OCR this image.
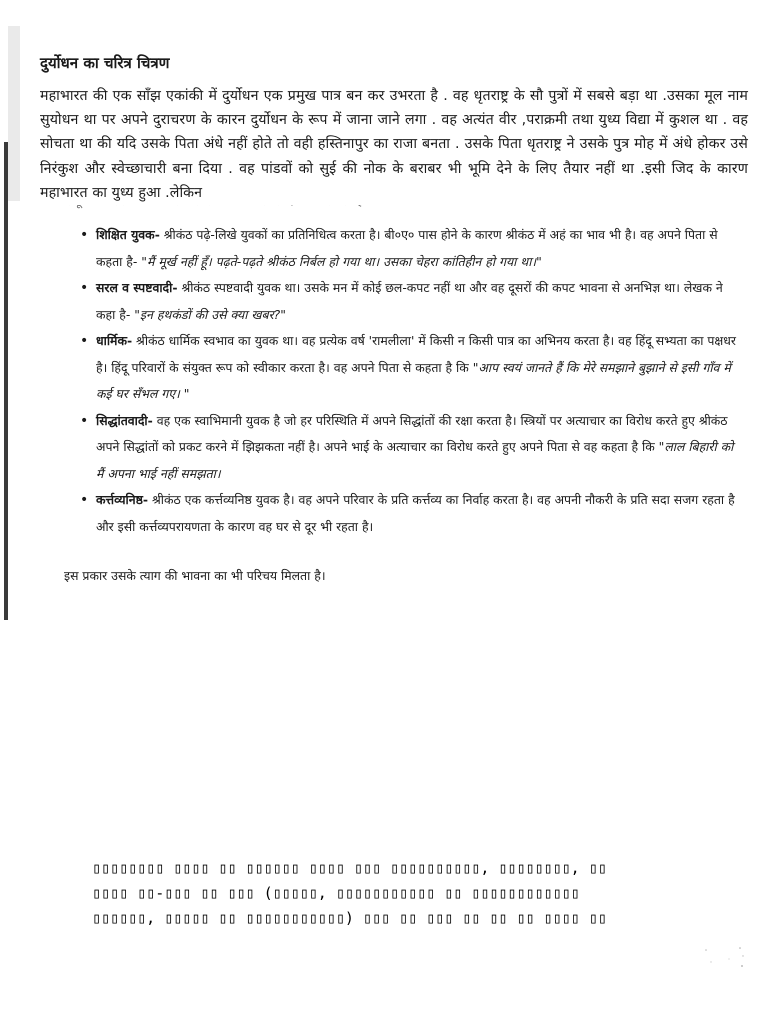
दुर्योधन का चरित्र चित्रण

महाभारत की एक साँझ एकांकी में दुर्योधन एक प्रमुख पात्र बन कर उभरता है . वह धृतराष्ट्र के सौ पुत्रों में सबसे बड़ा था .उसका मूल नाम सुयोधन था पर अपने दुराचरण के कारन दुर्योधन के रूप में जाना जाने लगा . वह अत्यंत वीर ,पराक्रमी तथा युध्य विद्या में कुशल था . वह सोचता था की यदि उसके पिता अंधे नहीं होते तो वही हस्तिनापुर का राजा बनता . उसके पिता धृतराष्ट्र ने उसके पुत्र मोह में अंधे होकर उसे निरंकुश और स्वेच्छाचारी बना दिया . वह पांडवों को सुई की नोक के बराबर भी भूमि देने के लिए तैयार नहीं था .इसी जिद के कारण महाभारत का युध्य हुआ .लेकिन

• शिक्षित युवक- श्रीकंठ पढ़े-लिखे युवकों का प्रतिनिधित्व करता है। बी०ए० पास होने के कारण श्रीकंठ में अहं का भाव भी है। वह अपने पिता से कहता है- "मैं मूर्ख नहीं हूँ। पढ़ते-पढ़ते श्रीकंठ निर्बल हो गया था। उसका चेहरा कांतिहीन हो गया था।"
• सरल व स्पष्टवादी- श्रीकंठ स्पष्टवादी युवक था। उसके मन में कोई छल-कपट नहीं था और वह दूसरों की कपट भावना से अनभिज्ञ था। लेखक ने कहा है- "इन हथकंडों की उसे क्या खबर?"
• धार्मिक- श्रीकंठ धार्मिक स्वभाव का युवक था। वह प्रत्येक वर्ष 'रामलीला' में किसी न किसी पात्र का अभिनय करता है। वह हिंदू सभ्यता का पक्षधर है। हिंदू परिवारों के संयुक्त रूप को स्वीकार करता है। वह अपने पिता से कहता है कि "आप स्वयं जानते हैं कि मेरे समझाने बुझाने से इसी गाँव में कई घर सँभल गए। "
• सिद्धांतवादी- वह एक स्वाभिमानी युवक है जो हर परिस्थिति में अपने सिद्धांतों की रक्षा करता है। स्त्रियों पर अत्याचार का विरोध करते हुए श्रीकंठ अपने सिद्धांतों को प्रकट करने में झिझकता नहीं है। अपने भाई के अत्याचार का विरोध करते हुए अपने पिता से वह कहता है कि "लाल बिहारी को मैं अपना भाई नहीं समझता।
• कर्त्तव्यनिष्ठ- श्रीकंठ एक कर्त्तव्यनिष्ठ युवक है। वह अपने परिवार के प्रति कर्त्तव्य का निर्वाह करता है। वह अपनी नौकरी के प्रति सदा सजग रहता है और इसी कर्त्तव्यपरायणता के कारण वह घर से दूर भी रहता है।

इस प्रकार उसके त्याग की भावना का भी परिचय मिलता है।

▯▯▯▯▯▯▯▯ ▯▯▯▯ ▯▯ ▯▯▯▯▯▯ ▯▯▯▯ ▯▯▯ ▯▯▯▯▯▯▯▯▯▯, ▯▯▯▯▯▯▯▯, ▯▯
▯▯▯▯ ▯▯-▯▯▯ ▯▯ ▯▯▯ (▯▯▯▯▯, ▯▯▯▯▯▯▯▯▯▯▯ ▯▯ ▯▯▯▯▯▯▯▯▯▯▯▯
▯▯▯▯▯▯, ▯▯▯▯▯ ▯▯ ▯▯▯▯▯▯▯▯▯▯▯) ▯▯▯ ▯▯ ▯▯▯ ▯▯ ▯▯ ▯▯ ▯▯▯▯ ▯▯
